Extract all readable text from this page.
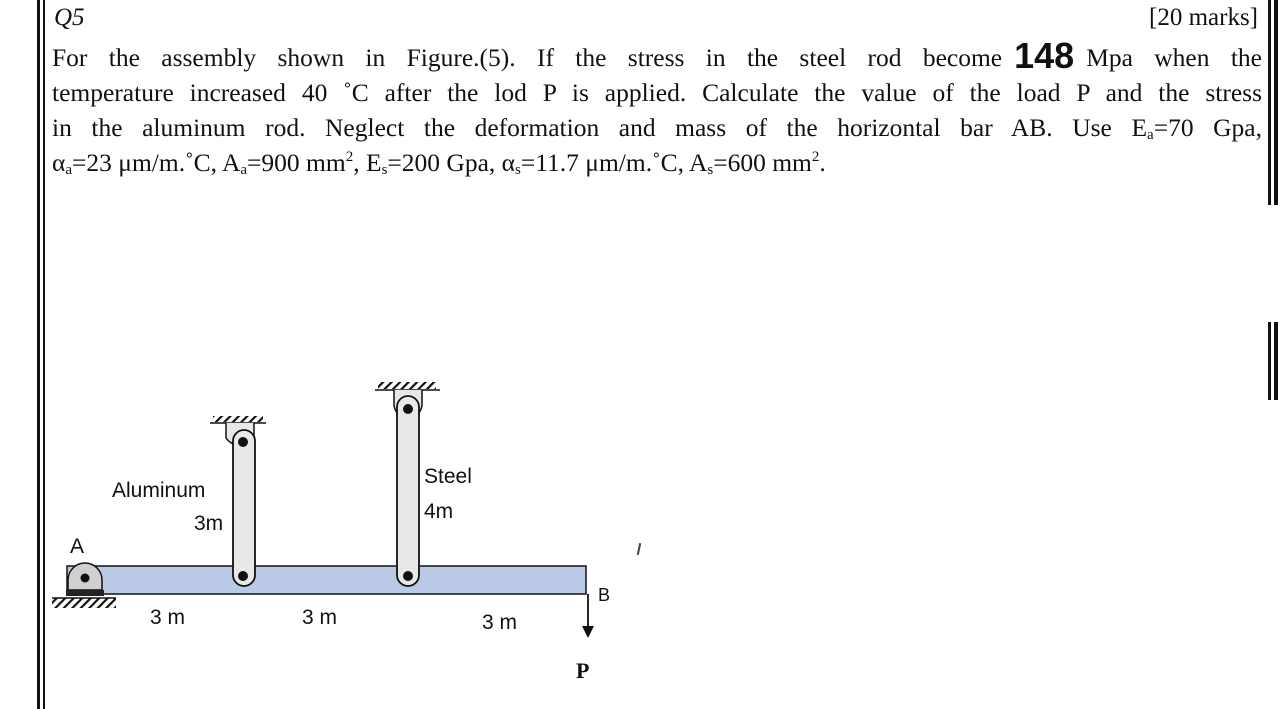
Q5	[20 marks]
For the assembly shown in Figure.(5). If the stress in the steel rod become 148 Mpa when the
temperature increased 40 ˚C after the lod P is applied. Calculate the value of the load P and the stress
in the aluminum rod. Neglect the deformation and mass of the horizontal bar AB. Use $E_a=70$ Gpa,
$\alpha_a=23$ μm/m.˚C, $A_a=900$ $mm^2$, $E_s=200$ Gpa, $\alpha_s=11.7$ μm/m.˚C, $A_s=600$ $mm^2$.
A
B
Aluminum
3m
Steel
4m
3 m	3 m	3 m
P
